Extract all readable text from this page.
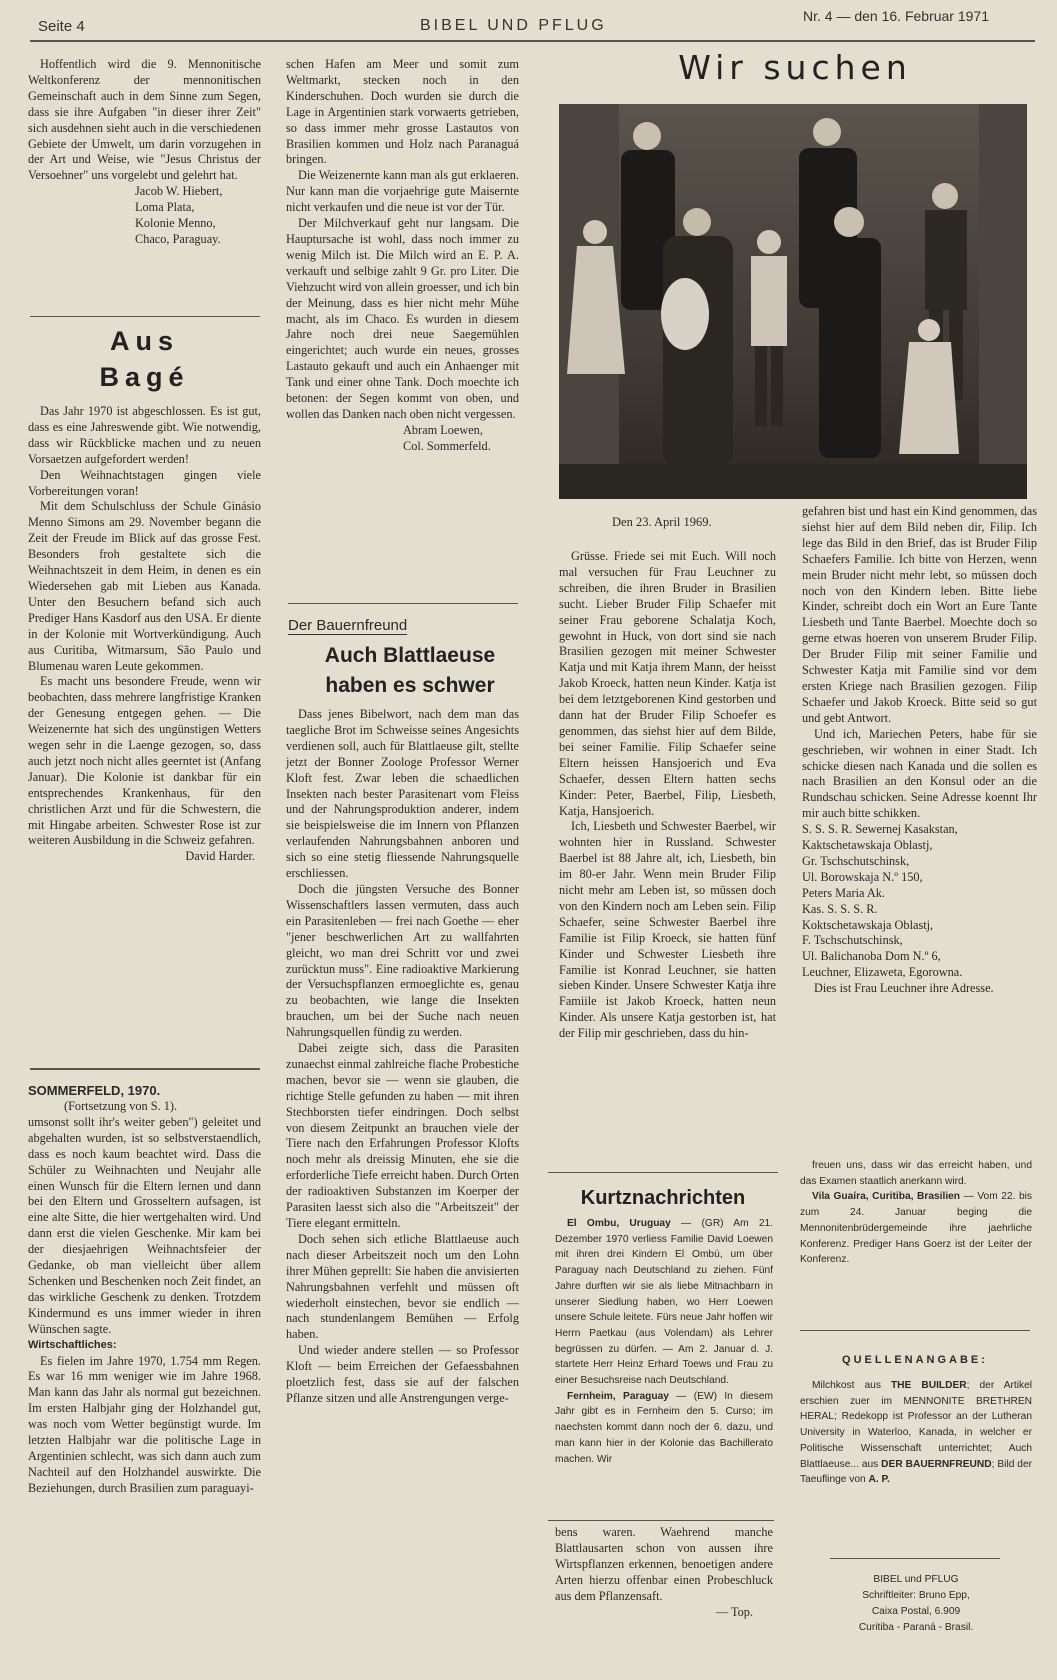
Seite 4	BIBEL UND PFLUG
Nr. 4 — den 16. Februar 1971

Hoffentlich wird die 9. Mennonitische Weltkonferenz der mennonitischen Gemeinschaft auch in dem Sinne zum Segen, dass sie ihre Aufgaben "in dieser ihrer Zeit" sich ausdehnen sieht auch in die verschiedenen Gebiete der Umwelt, um darin vorzugehen in der Art und Weise, wie "Jesus Christus der Versoehner" uns vorgelebt und gelehrt hat.

Jacob W. Hiebert,

Loma Plata,

Kolonie Menno,

Chaco, Paraguay.

Aus
Bagé

Das Jahr 1970 ist abgeschlossen. Es ist gut, dass es eine Jahreswende gibt. Wie notwendig, dass wir Rückblicke machen und zu neuen Vorsaetzen aufgefordert werden!

Den Weihnachtstagen gingen viele Vorbereitungen voran!

Mit dem Schulschluss der Schule Ginásio Menno Simons am 29. November begann die Zeit der Freude im Blick auf das grosse Fest. Besonders froh gestaltete sich die Weihnachtszeit in dem Heim, in denen es ein Wiedersehen gab mit Lieben aus Kanada. Unter den Besuchern befand sich auch Prediger Hans Kasdorf aus den USA. Er diente in der Kolonie mit Wortverkündigung. Auch aus Curitiba, Witmarsum, São Paulo und Blumenau waren Leute gekommen.

Es macht uns besondere Freude, wenn wir beobachten, dass mehrere langfristige Kranken der Genesung entgegen gehen. — Die Weizenernte hat sich des ungünstigen Wetters wegen sehr in die Laenge gezogen, so, dass auch jetzt noch nicht alles geerntet ist (Anfang Januar). Die Kolonie ist dankbar für ein entsprechendes Krankenhaus, für den christlichen Arzt und für die Schwestern, die mit Hingabe arbeiten. Schwester Rose ist zur weiteren Ausbildung in die Schweiz gefahren.

David Harder.

SOMMERFELD, 1970.

(Fortsetzung von S. 1).

umsonst sollt ihr's weiter geben") geleitet und abgehalten wurden, ist so selbstverstaendlich, dass es noch kaum beachtet wird. Dass die Schüler zu Weihnachten und Neujahr alle einen Wunsch für die Eltern lernen und dann bei den Eltern und Grosseltern aufsagen, ist eine alte Sitte, die hier wertgehalten wird. Und dann erst die vielen Geschenke. Mir kam bei der diesjaehrigen Weihnachtsfeier der Gedanke, ob man vielleicht über allem Schenken und Beschenken noch Zeit findet, an das wirkliche Geschenk zu denken. Trotzdem Kindermund es uns immer wieder in ihren Wünschen sagte.

Wirtschaftliches:

Es fielen im Jahre 1970, 1.754 mm Regen. Es war 16 mm weniger wie im Jahre 1968. Man kann das Jahr als normal gut bezeichnen. Im ersten Halbjahr ging der Holzhandel gut, was noch vom Wetter begünstigt wurde. Im letzten Halbjahr war die politische Lage in Argentinien schlecht, was sich dann auch zum Nachteil auf den Holzhandel auswirkte. Die Beziehungen, durch Brasilien zum paraguayi-

schen Hafen am Meer und somit zum Weltmarkt, stecken noch in den Kinderschuhen. Doch wurden sie durch die Lage in Argentinien stark vorwaerts getrieben, so dass immer mehr grosse Lastautos von Brasilien kommen und Holz nach Paranaguá bringen.

Die Weizenernte kann man als gut erklaeren. Nur kann man die vorjaehrige gute Maisernte nicht verkaufen und die neue ist vor der Tür.

Der Milchverkauf geht nur langsam. Die Hauptursache ist wohl, dass noch immer zu wenig Milch ist. Die Milch wird an E. P. A. verkauft und selbige zahlt 9 Gr. pro Liter. Die Viehzucht wird von allein groesser, und ich bin der Meinung, dass es hier nicht mehr Mühe macht, als im Chaco. Es wurden in diesem Jahre noch drei neue Saegemühlen eingerichtet; auch wurde ein neues, grosses Lastauto gekauft und auch ein Anhaenger mit Tank und einer ohne Tank. Doch moechte ich betonen: der Segen kommt von oben, und wollen das Danken nach oben nicht vergessen.

Abram Loewen,

Col. Sommerfeld.

Der Bauernfreund
Auch Blattlaeuse
haben es schwer

Dass jenes Bibelwort, nach dem man das taegliche Brot im Schweisse seines Angesichts verdienen soll, auch für Blattlaeuse gilt, stellte jetzt der Bonner Zoologe Professor Werner Kloft fest. Zwar leben die schaedlichen Insekten nach bester Parasitenart vom Fleiss und der Nahrungsproduktion anderer, indem sie beispielsweise die im Innern von Pflanzen verlaufenden Nahrungsbahnen anboren und sich so eine stetig fliessende Nahrungsquelle erschliessen.

Doch die jüngsten Versuche des Bonner Wissenschaftlers lassen vermuten, dass auch ein Parasitenleben — frei nach Goethe — eher "jener beschwerlichen Art zu wallfahrten gleicht, wo man drei Schritt vor und zwei zurücktun muss". Eine radioaktive Markierung der Versuchspflanzen ermoeglichte es, genau zu beobachten, wie lange die Insekten brauchen, um bei der Suche nach neuen Nahrungsquellen fündig zu werden.

Dabei zeigte sich, dass die Parasiten zunaechst einmal zahlreiche flache Probestiche machen, bevor sie — wenn sie glauben, die richtige Stelle gefunden zu haben — mit ihren Stechborsten tiefer eindringen. Doch selbst von diesem Zeitpunkt an brauchen viele der Tiere nach den Erfahrungen Professor Klofts noch mehr als dreissig Minuten, ehe sie die erforderliche Tiefe erreicht haben. Durch Orten der radioaktiven Substanzen im Koerper der Parasiten laesst sich also die "Arbeitszeit" der Tiere elegant ermitteln.

Doch sehen sich etliche Blattlaeuse auch nach dieser Arbeitszeit noch um den Lohn ihrer Mühen geprellt: Sie haben die anvisierten Nahrungsbahnen verfehlt und müssen oft wiederholt einstechen, bevor sie endlich — nach stundenlangem Bemühen — Erfolg haben.

Und wieder andere stellen — so Professor Kloft — beim Erreichen der Gefaessbahnen ploetzlich fest, dass sie auf der falschen Pflanze sitzen und alle Anstrengungen verge-

Wir suchen
Den 23. April 1969.

Grüsse. Friede sei mit Euch. Will noch mal versuchen für Frau Leuchner zu schreiben, die ihren Bruder in Brasilien sucht. Lieber Bruder Filip Schaefer mit seiner Frau geborene Schalatja Koch, gewohnt in Huck, von dort sind sie nach Brasilien gezogen mit meiner Schwester Katja und mit Katja ihrem Mann, der heisst Jakob Kroeck, hatten neun Kinder. Katja ist bei dem letztgeborenen Kind gestorben und dann hat der Bruder Filip Schoefer es genommen, das siehst hier auf dem Bilde, bei seiner Familie. Filip Schaefer seine Eltern heissen Hansjoerich und Eva Schaefer, dessen Eltern hatten sechs Kinder: Peter, Baerbel, Filip, Liesbeth, Katja, Hansjoerich.

Ich, Liesbeth und Schwester Baerbel, wir wohnten hier in Russland. Schwester Baerbel ist 88 Jahre alt, ich, Liesbeth, bin im 80-er Jahr. Wenn mein Bruder Filip nicht mehr am Leben ist, so müssen doch von den Kindern noch am Leben sein. Filip Schaefer, seine Schwester Baerbel ihre Familie ist Filip Kroeck, sie hatten fünf Kinder und Schwester Liesbeth ihre Familie ist Konrad Leuchner, sie hatten sieben Kinder. Unsere Schwester Katja ihre Famiile ist Jakob Kroeck, hatten neun Kinder. Als unsere Katja gestorben ist, hat der Filip mir geschrieben, dass du hin-

gefahren bist und hast ein Kind genommen, das siehst hier auf dem Bild neben dir, Filip. Ich lege das Bild in den Brief, das ist Bruder Filip Schaefers Familie. Ich bitte von Herzen, wenn mein Bruder nicht mehr lebt, so müssen doch noch von den Kindern leben. Bitte liebe Kinder, schreibt doch ein Wort an Eure Tante Liesbeth und Tante Baerbel. Moechte doch so gerne etwas hoeren von unserem Bruder Filip. Der Bruder Filip mit seiner Familie und Schwester Katja mit Familie sind vor dem ersten Kriege nach Brasilien gezogen. Filip Schaefer und Jakob Kroeck. Bitte seid so gut und gebt Antwort.

Und ich, Mariechen Peters, habe für sie geschrieben, wir wohnen in einer Stadt. Ich schicke diesen nach Kanada und die sollen es nach Brasilien an den Konsul oder an die Rundschau schicken. Seine Adresse koennt Ihr mir auch bitte schikken.

S. S. S. R. Sewernej Kasakstan,

Kaktschetawskaja Oblastj,

Gr. Tschschutschinsk,

Ul. Borowskaja N.º 150,

Peters Maria Ak.

Kas. S. S. S. R.

Koktschetawskaja Oblastj,

F. Tschschutschinsk,

Ul. Balichanoba Dom N.º 6,

Leuchner, Elizaweta, Egorowna.

Dies ist Frau Leuchner ihre Adresse.

Kurtznachrichten

El Ombu, Uruguay — (GR) Am 21. Dezember 1970 verliess Familie David Loewen mit ihren drei Kindern El Ombú, um über Paraguay nach Deutschland zu ziehen. Fünf Jahre durften wir sie als liebe Mitnachbarn in unserer Siedlung haben, wo Herr Loewen unsere Schule leitete. Fürs neue Jahr hoffen wir Herrn Paetkau (aus Volendam) als Lehrer begrüssen zu dürfen. — Am 2. Januar d. J. startete Herr Heinz Erhard Toews und Frau zu einer Besuchsreise nach Deutschland.

Fernheim, Paraguay — (EW) In diesem Jahr gibt es in Fernheim den 5. Curso; im naechsten kommt dann noch der 6. dazu, und man kann hier in der Kolonie das Bachillerato machen. Wir

bens waren. Waehrend manche Blattlausarten schon von aussen ihre Wirtspflanzen erkennen, benoetigen andere Arten hierzu offenbar einen Probeschluck aus dem Pflanzensaft.

— Top.

freuen uns, dass wir das erreicht haben, und das Examen staatlich anerkann wird.

Vila Guaíra, Curitiba, Brasilien — Vom 22. bis zum 24. Januar beging die Mennonitenbrüdergemeinde ihre jaehrliche Konferenz. Prediger Hans Goerz ist der Leiter der Konferenz.

QUELLENANGABE:

Milchkost aus THE BUILDER; der Artikel erschien zuer im MENNONITE BRETHREN HERAL; Redekopp ist Professor an der Lutheran University in Waterloo, Kanada, in welcher er Politische Wissenschaft unterrichtet; Auch Blattlaeuse... aus DER BAUERNFREUND; Bild der Taeuflinge von A. P.

BIBEL und PFLUG
Schriftleiter: Bruno Epp,
Caixa Postal, 6.909
Curitiba - Paraná - Brasil.
